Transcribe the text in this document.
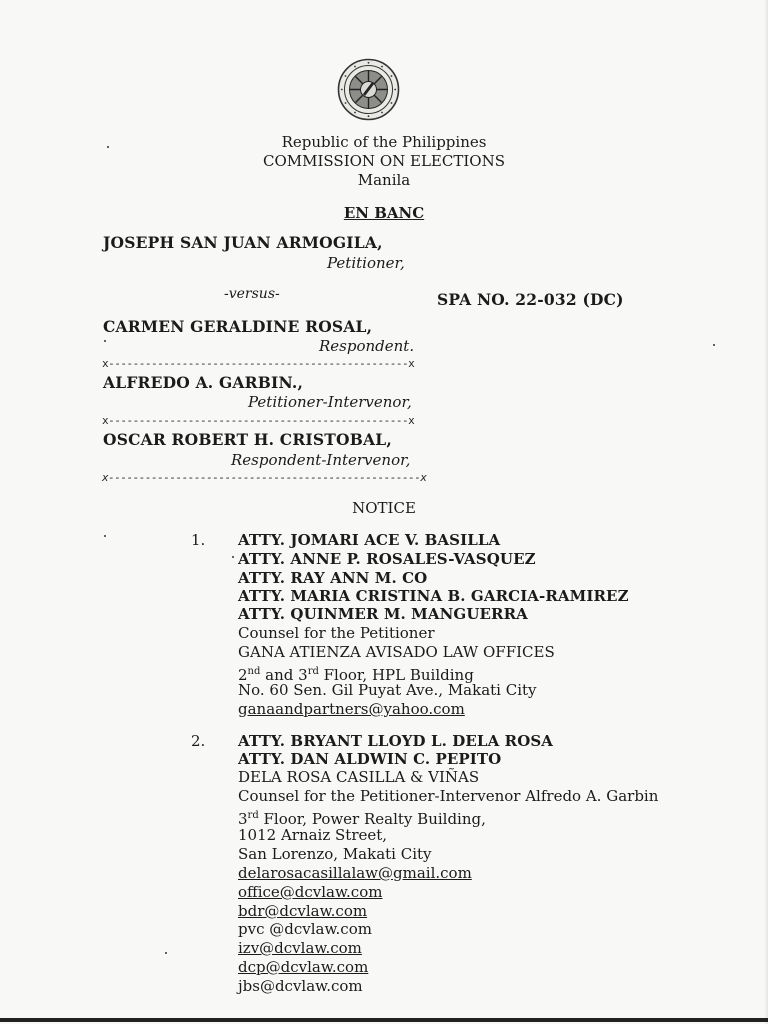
Republic of the Philippines
COMMISSION ON ELECTIONS
Manila
EN BANC
JOSEPH SAN JUAN ARMOGILA,
Petitioner,
-versus-	SPA NO. 22-032 (DC)
CARMEN GERALDINE ROSAL,
Respondent.
x-------------------------------------------------x
ALFREDO A. GARBIN.,
Petitioner-Intervenor,
x-------------------------------------------------x
OSCAR ROBERT H. CRISTOBAL,
Respondent-Intervenor,
x---------------------------------------------------x
NOTICE
1. ATTY. JOMARI ACE V. BASILLA
ATTY. ANNE P. ROSALES-VASQUEZ
ATTY. RAY ANN M. CO
ATTY. MARIA CRISTINA B. GARCIA-RAMIREZ
ATTY. QUINMER M. MANGUERRA
Counsel for the Petitioner
GANA ATIENZA AVISADO LAW OFFICES
2nd and 3rd Floor, HPL Building
No. 60 Sen. Gil Puyat Ave., Makati City
ganaandpartners@yahoo.com
2. ATTY. BRYANT LLOYD L. DELA ROSA
ATTY. DAN ALDWIN C. PEPITO
DELA ROSA CASILLA & VIÑAS
Counsel for the Petitioner-Intervenor Alfredo A. Garbin
3rd Floor, Power Realty Building,
1012 Arnaiz Street,
San Lorenzo, Makati City
delarosacasillalaw@gmail.com
office@dcvlaw.com
bdr@dcvlaw.com
pvc @dcvlaw.com
izv@dcvlaw.com
dcp@dcvlaw.com
jbs@dcvlaw.com
